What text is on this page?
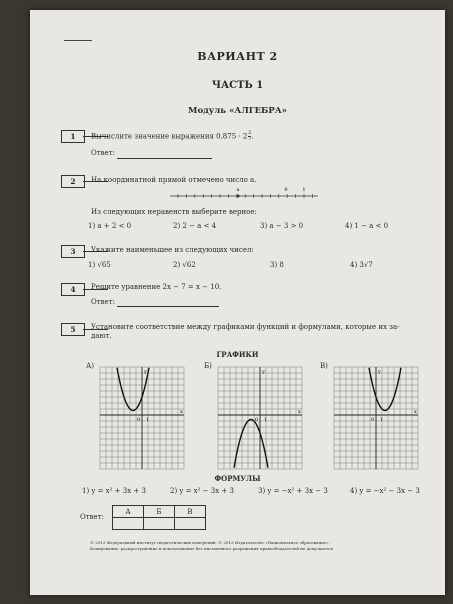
ВАРИАНТ 2
ЧАСТЬ 1
Модуль «АЛГЕБРА»
1	Вычислите значение выражения $0,875 \cdot 2 \frac{2}{7}$ .
Ответ:
2	На координатной прямой отмечено число a.
a	0	1
Из следующих неравенств выберите верное:
1) a + 2 < 0	2) 2 − a < 4	3) a − 3 > 0	4) 1 − a < 0
3	Укажите наименьшее из следующих чисел:
1) √65	2) √62	3) 8	4) 3√7
4	Решите уравнение 2x − 7 = x − 10.
Ответ:
5	Установите соответствие между графиками функций и формулами, которые их за-
дают.
ГРАФИКИ
А)	Б)	В)
y
x
0 1
y
x
0 1
y
x
0 1
ФОРМУЛЫ
1) y = x² + 3x + 3	2) y = x² − 3x + 3	3) y = −x² + 3x − 3	4) y = −x² − 3x − 3
Ответ:
А	Б	В

© 2013 Федеральный институт педагогических измерений. © 2013 Издательство «Национальное образование».
Копирование, распространение и использование без письменного разрешения правообладателей не допускается
